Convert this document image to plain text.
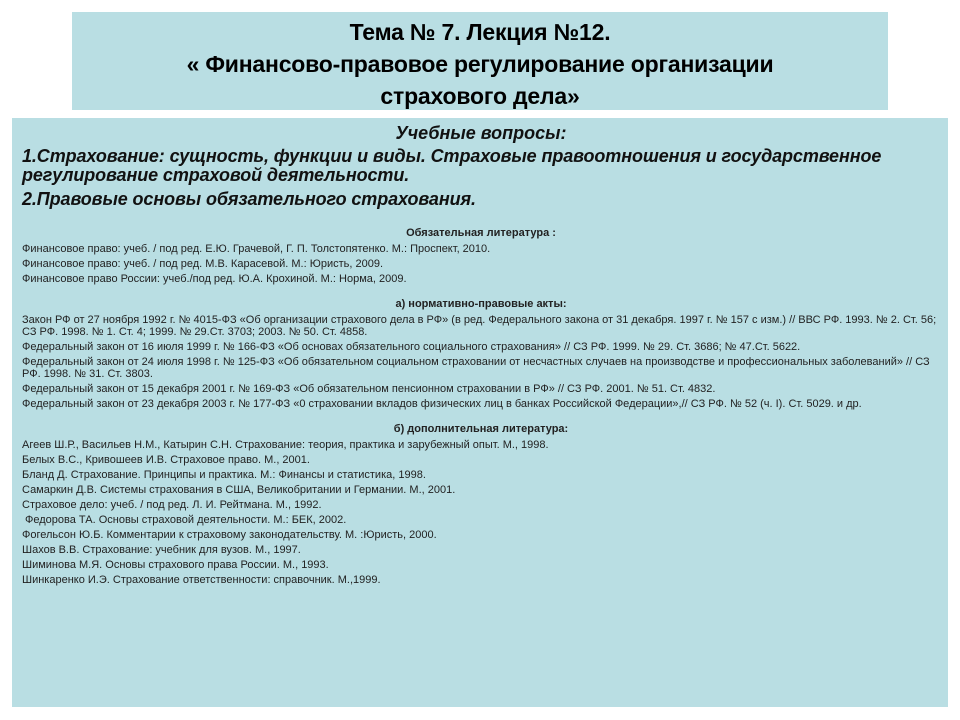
Тема № 7. Лекция №12.
« Финансово-правовое регулирование организации
страхового дела»
Учебные вопросы:
1.Страхование: сущность, функции и виды. Страховые правоотношения и государственное регулирование страховой деятельности.
2.Правовые основы обязательного страхования.
Обязательная литература :
Финансовое право: учеб. / под ред. Е.Ю. Грачевой, Г. П. Толстопятенко. М.: Проспект, 2010.
Финансовое право: учеб. / под ред. М.В. Карасевой. М.: Юристь, 2009.
Финансовое право России: учеб./под ред. Ю.А. Крохиной. М.: Норма, 2009.
а) нормативно-правовые акты:
Закон РФ от 27 ноября 1992 г. № 4015-ФЗ «Об организации страхового дела в РФ» (в ред. Федерального закона от 31 декабря. 1997 г. № 157 с изм.) // ВВС РФ. 1993. № 2. Ст. 56; СЗ РФ. 1998. № 1. Ст. 4; 1999. № 29.Ст. 3703; 2003. № 50. Ст. 4858.
Федеральный закон от 16 июля 1999 г. № 166-ФЗ «Об основах обязательного социального страхования» // СЗ РФ. 1999. № 29. Ст. 3686; № 47.Ст. 5622.
Федеральный закон от 24 июля 1998 г. № 125-ФЗ «Об обязательном социальном страховании от несчастных случаев на производстве и профессиональных заболеваний» // СЗ РФ. 1998. № 31. Ст. 3803.
Федеральный закон от 15 декабря 2001 г. № 169-ФЗ «Об обязательном пенсионном страховании в РФ» // СЗ РФ. 2001. № 51. Ст. 4832.
Федеральный закон от 23 декабря 2003 г. № 177-ФЗ «0 страховании вкладов физических лиц в банках Российской Федерации»,// СЗ РФ. № 52 (ч. I). Ст. 5029. и др.
б) дополнительная литература:
Агеев Ш.Р., Васильев Н.М., Катырин С.Н. Страхование: теория, практика и зарубежный опыт. М., 1998.
Белых В.С., Кривошеев И.В. Страховое право. М., 2001.
Бланд Д. Страхование. Принципы и практика. М.: Финансы и статистика, 1998.
Самаркин Д.В. Системы страхования в США, Великобритании и Германии. М., 2001.
Страховое дело: учеб. / под ред. Л. И. Рейтмана. М., 1992.
Федорова ТА. Основы страховой деятельности. М.: БЕК, 2002.
Фогельсон Ю.Б. Комментарии к страховому законодательству. М. :Юристь, 2000.
Шахов В.В. Страхование: учебник для вузов. М., 1997.
Шиминова М.Я. Основы страхового права России. М., 1993.
Шинкаренко И.Э. Страхование ответственности: справочник. М.,1999.
